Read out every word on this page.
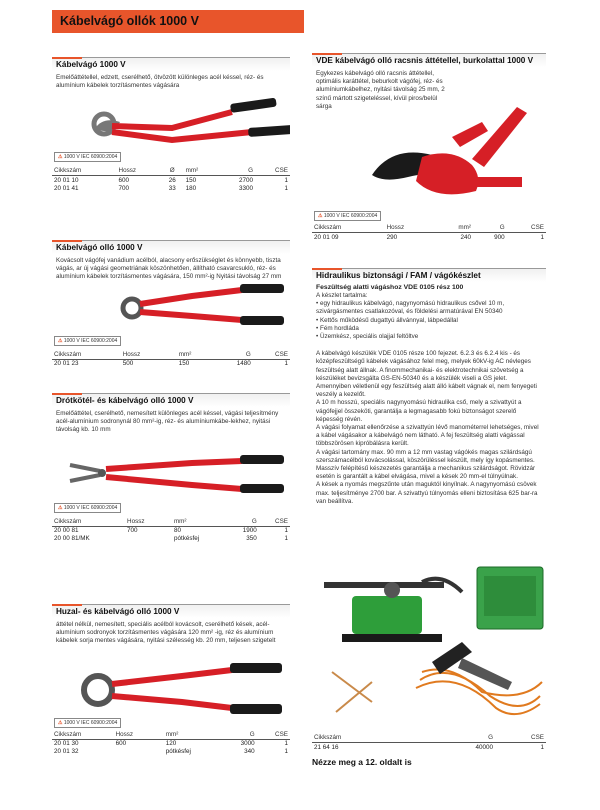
Kábelvágó ollók 1000 V
Kábelvágó 1000 V
Emelőáttétellel, edzett, cserélhető, ötvözött különleges acél késsel, réz- és alumínium kábelek torzításmentes vágására
⚠ 1000 V IEC 60900:2004
Cikkszám	Hossz	Ø	mm²	G	CSE
20 01 10	600	26	150	2700	1
20 01 41	700	33	180	3300	1
Kábelvágó olló 1000 V
Kovácsolt vágófej vanádium acélból, alacsony erőszükséglet és könnyebb, tiszta vágás, ar új vágási geometriának köszönhetően, állítható csavarcsukló, réz- és alumínium kábelek torzításmentes vágására, 150 mm²-ig Nyitási távolság 27 mm
⚠ 1000 V IEC 60900:2004
Cikkszám	Hossz		mm²	G	CSE
20 01 23	500		150	1480	1
Drótkötél- és kábelvágó olló 1000 V
Emelőáttétel, cserélhető, nemesített különleges acél késsel, vágási teljesítmény acél-alumínium sodronynál 80 mm²-ig, réz- és alumíniumkábe-lekhez, nyitási távolság kb. 10 mm
⚠ 1000 V IEC 60900:2004
Cikkszám	Hossz		mm²	G	CSE
20 00 81	700		80	1900	1
20 00 81/MK			pótkésfej	350	1
Huzal- és kábelvágó olló 1000 V
áttétel nélkül, nemesített, speciális acélból kovácsolt, cserélhető kések, acél-alumínium sodronyok torzításmentes vágására 120 mm² -ig, réz és alumínium kábelek sorja mentes vágására, nyitási szélesség kb. 20 mm, teljesen szigetelt
⚠ 1000 V IEC 60900:2004
Cikkszám	Hossz		mm²	G	CSE
20 01 30	600		120	3000	1
20 01 32			pótkésfej	340	1
VDE kábelvágó olló racsnis áttétellel, burkolattal 1000 V
Egykezes kábelvágó olló racsnis áttétellel, optimális karáttétel, beburkolt vágófej, réz- és alumíniumkábelhez, nyitási távolság 25 mm, 2 színű mártott szigeteléssel, kívül piros/belül sárga
⚠ 1000 V IEC 60900:2004
Cikkszám	Hossz	mm²	G	CSE
20 01 09	290	240	900	1
Hidraulikus biztonsági / FAM / vágókészlet
Feszültség alatti vágáshoz VDE 0105 rész 100
A készlet tartalma:
• egy hidraulikus kábelvágó, nagynyomású hidraulikus csővel 10 m, szivárgásmentes csatlakozóval, és földelési armatúrával EN 50340
• Kettős működésű dugattyú állvánnyal, lábpedállal
• Fém hordláda
• Üzemkész, speciális olajjal feltöltve

A kábelvágó készülék VDE 0105 része 100 fejezet. 6.2.3 és 6.2.4 kis - és középfeszültségű kábelek vágásához felel meg, melyek 60kV-ig AC névleges feszültség alatt állnak. A finommechanikai- és elektrotechnikai szövetség a készüléket bevizsgálta GS-EN-50340 és a készülék viseli a GS jelet. Amennyiben véletlenül egy feszültség alatt álló kábelt vágnak el, nem fenyegeti veszély a kezelőt.

A 10 m hosszú, speciális nagynyomású hidraulika cső, mely a szivattyút a vágófejjel összeköti, garantálja a legmagasabb fokú biztonságot szerelő képesség révén.

A vágási folyamat ellenőrzése a szivattyún lévő manométerrel lehetséges, mivel a kábel vágásakor a kábelvágó nem látható. A fej feszültség alatti vágással többszörösen kipróbálásra került.

A vágási tartomány max. 90 mm a 12 mm vastag vágókés magas szilárdságú szerszámacélból kovácsolással, köszörüléssel készült, mely így kopásmentes. Masszív felépítésű készezetés garantálja a mechanikus szilárdságot. Rövidzár esetén is garantált a kábel elvágása, mivel a kések 20 mm-el túlnyúlnak.

A kések a nyomás megszűnte után maguktól kinyílnak. A nagynyomású csövek max. teljesítménye 2700 bar. A szivattyú túlnyomás elleni biztosítása 625 bar-ra van beállítva.

Cikkszám			G	CSE
21 64 16			40000	1
Nézze meg a 12. oldalt is
